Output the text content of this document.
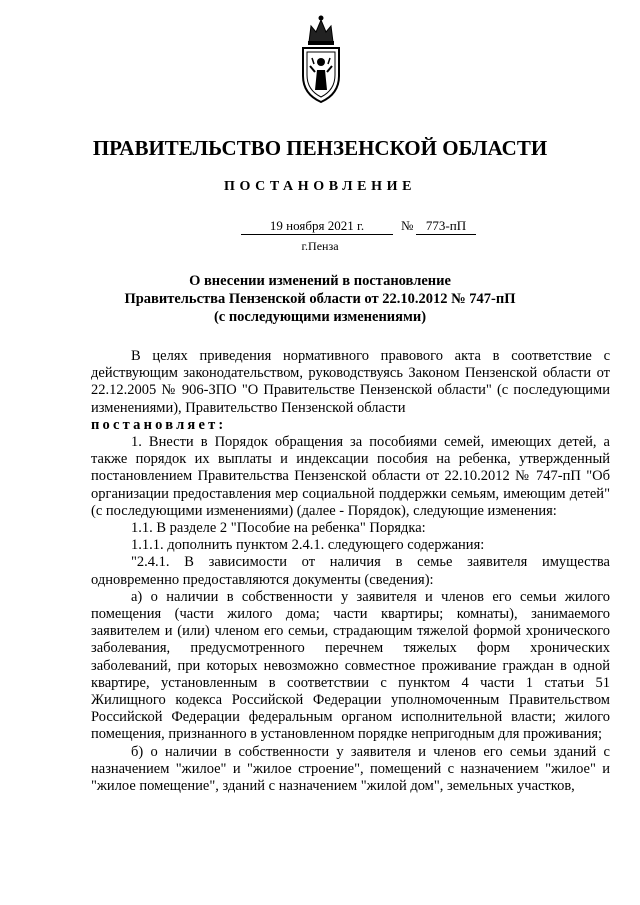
ПРАВИТЕЛЬСТВО ПЕНЗЕНСКОЙ ОБЛАСТИ
ПОСТАНОВЛЕНИЕ
19 ноября 2021 г.	№ 773-пП
г.Пенза
О внесении изменений в постановление
Правительства Пензенской области от 22.10.2012 № 747-пП
(с последующими изменениями)

В целях приведения нормативного правового акта в соответствие с действующим законодательством, руководствуясь Законом Пензенской области от 22.12.2005 № 906-ЗПО "О Правительстве Пензенской области" (с последующими изменениями), Правительство Пензенской области
постановляет:

1. Внести в Порядок обращения за пособиями семей, имеющих детей, а также порядок их выплаты и индексации пособия на ребенка, утвержденный постановлением Правительства Пензенской области от 22.10.2012 № 747-пП "Об организации предоставления мер социальной поддержки семьям, имеющим детей" (с последующими изменениями) (далее - Порядок), следующие изменения:

1.1. В разделе 2 "Пособие на ребенка" Порядка:

1.1.1. дополнить пунктом 2.4.1. следующего содержания:

"2.4.1. В зависимости от наличия в семье заявителя имущества одновременно предоставляются документы (сведения):

а) о наличии в собственности у заявителя и членов его семьи жилого помещения (части жилого дома; части квартиры; комнаты), занимаемого заявителем и (или) членом его семьи, страдающим тяжелой формой хронического заболевания, предусмотренного перечнем тяжелых форм хронических заболеваний, при которых невозможно совместное проживание граждан в одной квартире, установленным в соответствии с пунктом 4 части 1 статьи 51 Жилищного кодекса Российской Федерации уполномоченным Правительством Российской Федерации федеральным органом исполнительной власти; жилого помещения, признанного в установленном порядке непригодным для проживания;

б) о наличии в собственности у заявителя и членов его семьи зданий с назначением "жилое" и "жилое строение", помещений с назначением "жилое" и "жилое помещение", зданий с назначением "жилой дом", земельных участков,
